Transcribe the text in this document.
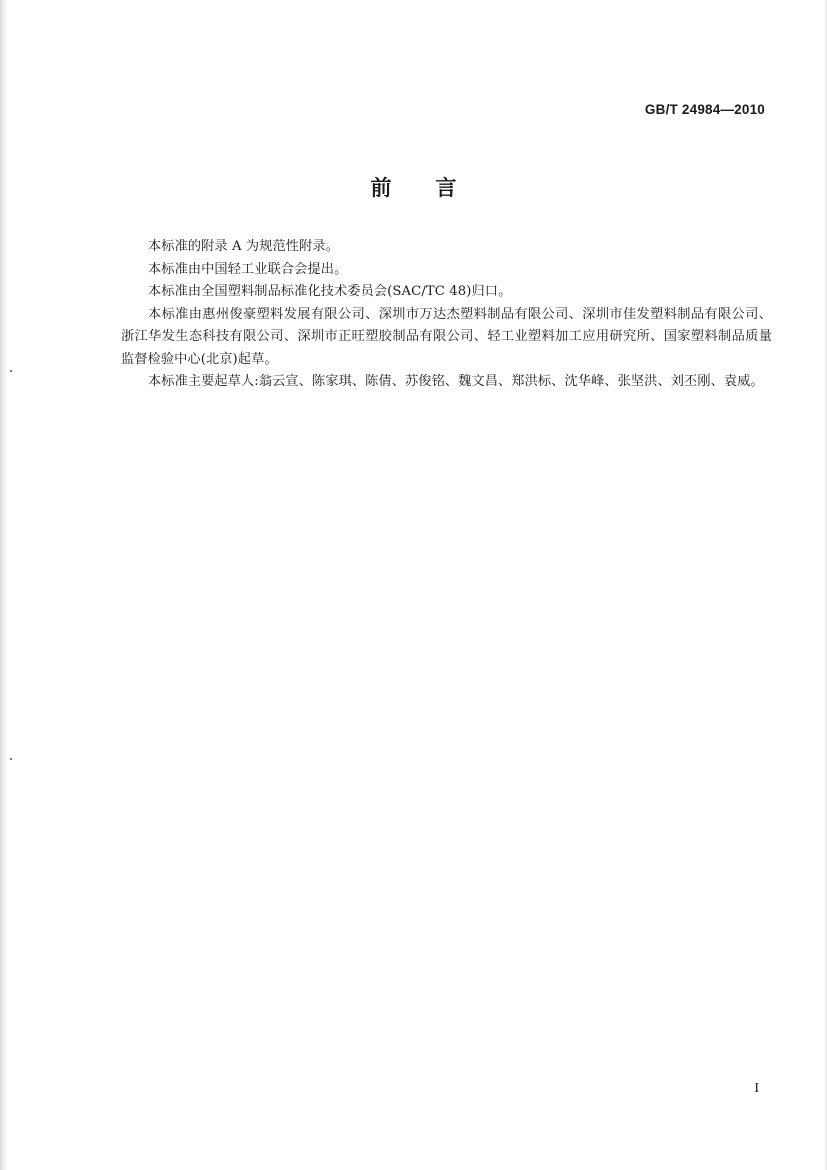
GB/T 24984—2010
前言

本标准的附录 A 为规范性附录。

本标准由中国轻工业联合会提出。

本标准由全国塑料制品标准化技术委员会(SAC/TC 48)归口。

本标准由惠州俊豪塑料发展有限公司、深圳市万达杰塑料制品有限公司、深圳市佳发塑料制品有限公司、浙江华发生态科技有限公司、深圳市正旺塑胶制品有限公司、轻工业塑料加工应用研究所、国家塑料制品质量监督检验中心(北京)起草。

本标准主要起草人:翁云宣、陈家琪、陈倩、苏俊铭、魏文昌、郑洪标、沈华峰、张坚洪、刘丕刚、袁威。

I
